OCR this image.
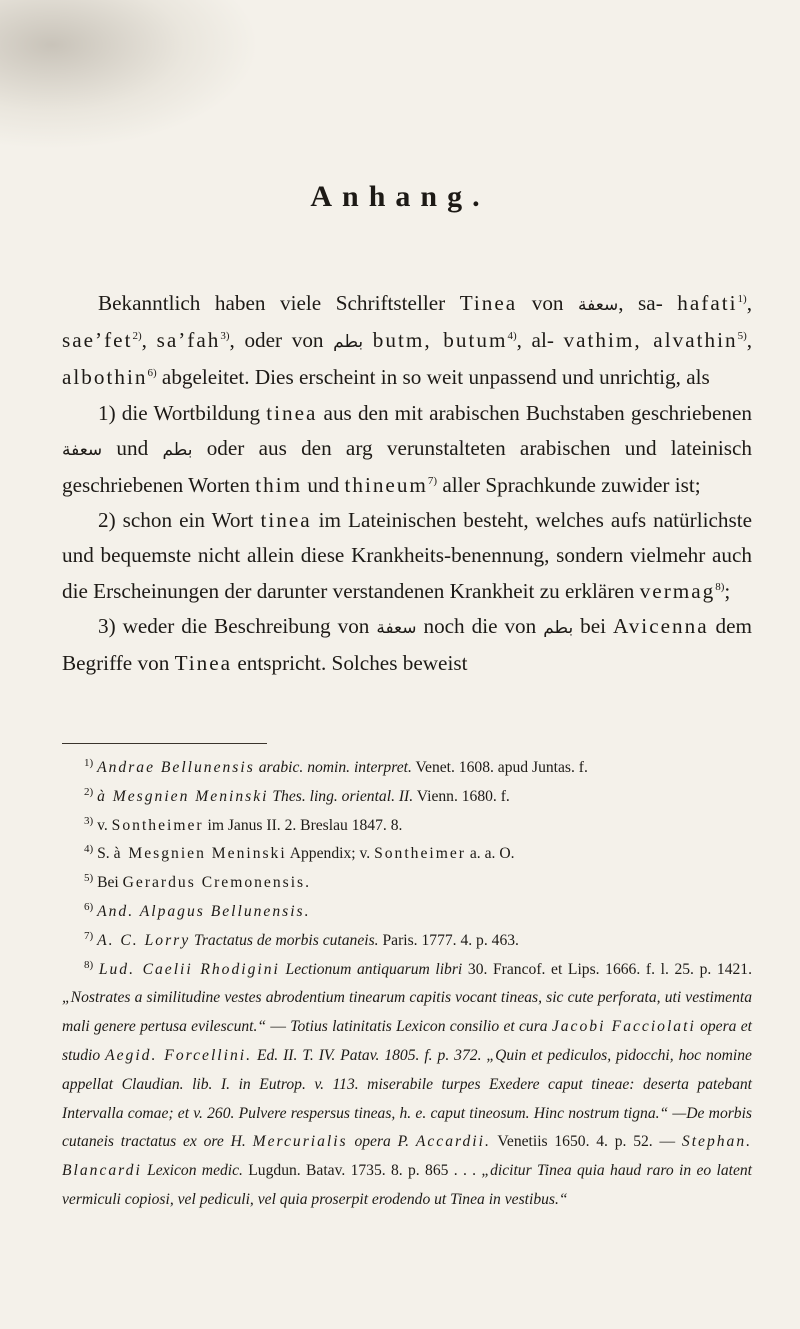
Anhang.

Bekanntlich haben viele Schriftsteller Tinea von سعفة, sa- hafati$^{1)}$, sae’fet$^{2)}$, sa’fah$^{3)}$, oder von بطم butm, butum$^{4)}$, al- vathim, alvathin$^{5)}$, albothin$^{6)}$ abgeleitet. Dies erscheint in so weit unpassend und unrichtig, als

1) die Wortbildung tinea aus den mit arabischen Buchstaben geschriebenen سعفة und بطم oder aus den arg verunstalteten arabischen und lateinisch geschriebenen Worten thim und thineum$^{7)}$ aller Sprachkunde zuwider ist;

2) schon ein Wort tinea im Lateinischen besteht, welches aufs natürlichste und bequemste nicht allein diese Krankheits-benennung, sondern vielmehr auch die Erscheinungen der darunter verstandenen Krankheit zu erklären vermag$^{8)}$;

3) weder die Beschreibung von سعفة noch die von بطم bei Avicenna dem Begriffe von Tinea entspricht. Solches beweist

$^{1)}$ Andrae Bellunensis arabic. nomin. interpret. Venet. 1608. apud Juntas. f.

$^{2)}$ à Mesgnien Meninski Thes. ling. oriental. II. Vienn. 1680. f.

$^{3)}$ v. Sontheimer im Janus II. 2. Breslau 1847. 8.

$^{4)}$ S. à Mesgnien Meninski Appendix; v. Sontheimer a. a. O.

$^{5)}$ Bei Gerardus Cremonensis.

$^{6)}$ And. Alpagus Bellunensis.

$^{7)}$ A. C. Lorry Tractatus de morbis cutaneis. Paris. 1777. 4. p. 463.

$^{8)}$ Lud. Caelii Rhodigini Lectionum antiquarum libri 30. Francof. et Lips. 1666. f. l. 25. p. 1421. „Nostrates a similitudine vestes abrodentium tinearum capitis vocant tineas, sic cute perforata, uti vestimenta mali genere pertusa evilescunt.“ — Totius latinitatis Lexicon consilio et cura Jacobi Facciolati opera et studio Aegid. Forcellini. Ed. II. T. IV. Patav. 1805. f. p. 372. „Quin et pediculos, pidocchi, hoc nomine appellat Claudian. lib. I. in Eutrop. v. 113. miserabile turpes Exedere caput tineae: deserta patebant Intervalla comae; et v. 260. Pulvere respersus tineas, h. e. caput tineosum. Hinc nostrum tigna.“ —De morbis cutaneis tractatus ex ore H. Mercurialis opera P. Accardii. Venetiis 1650. 4. p. 52. — Stephan. Blancardi Lexicon medic. Lugdun. Batav. 1735. 8. p. 865 . . . „dicitur Tinea quia haud raro in eo latent vermiculi copiosi, vel pediculi, vel quia proserpit erodendo ut Tinea in vestibus.“
